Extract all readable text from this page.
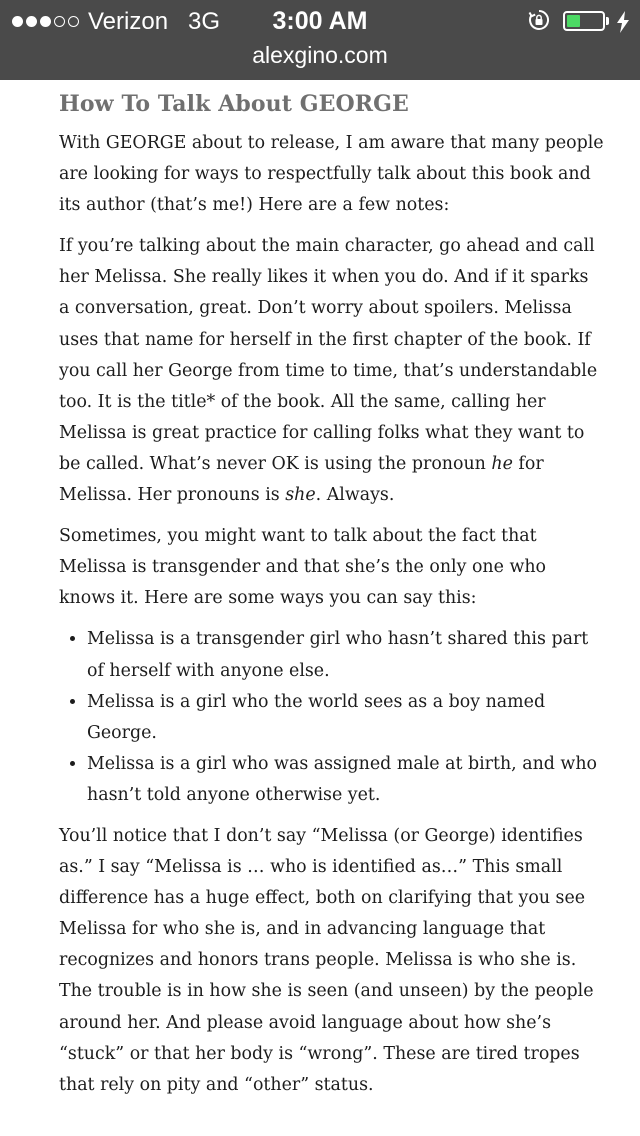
Verizon 3G	3:00 AM
alexgino.com
How To Talk About GEORGE

With GEORGE about to release, I am aware that many people are looking for ways to respectfully talk about this book and its author (that’s me!) Here are a few notes:

If you’re talking about the main character, go ahead and call her Melissa. She really likes it when you do. And if it sparks a conversation, great. Don’t worry about spoilers. Melissa uses that name for herself in the first chapter of the book. If you call her George from time to time, that’s understandable too. It is the title* of the book. All the same, calling her Melissa is great practice for calling folks what they want to be called. What’s never OK is using the pronoun he for Melissa. Her pronouns is she. Always.

Sometimes, you might want to talk about the fact that Melissa is transgender and that she’s the only one who knows it. Here are some ways you can say this:

• Melissa is a transgender girl who hasn’t shared this part of herself with anyone else.
• Melissa is a girl who the world sees as a boy named George.
• Melissa is a girl who was assigned male at birth, and who hasn’t told anyone otherwise yet.

You’ll notice that I don’t say “Melissa (or George) identifies as.” I say “Melissa is … who is identified as…” This small difference has a huge effect, both on clarifying that you see Melissa for who she is, and in advancing language that recognizes and honors trans people. Melissa is who she is. The trouble is in how she is seen (and unseen) by the people around her. And please avoid language about how she’s “stuck” or that her body is “wrong”. These are tired tropes that rely on pity and “other” status.
